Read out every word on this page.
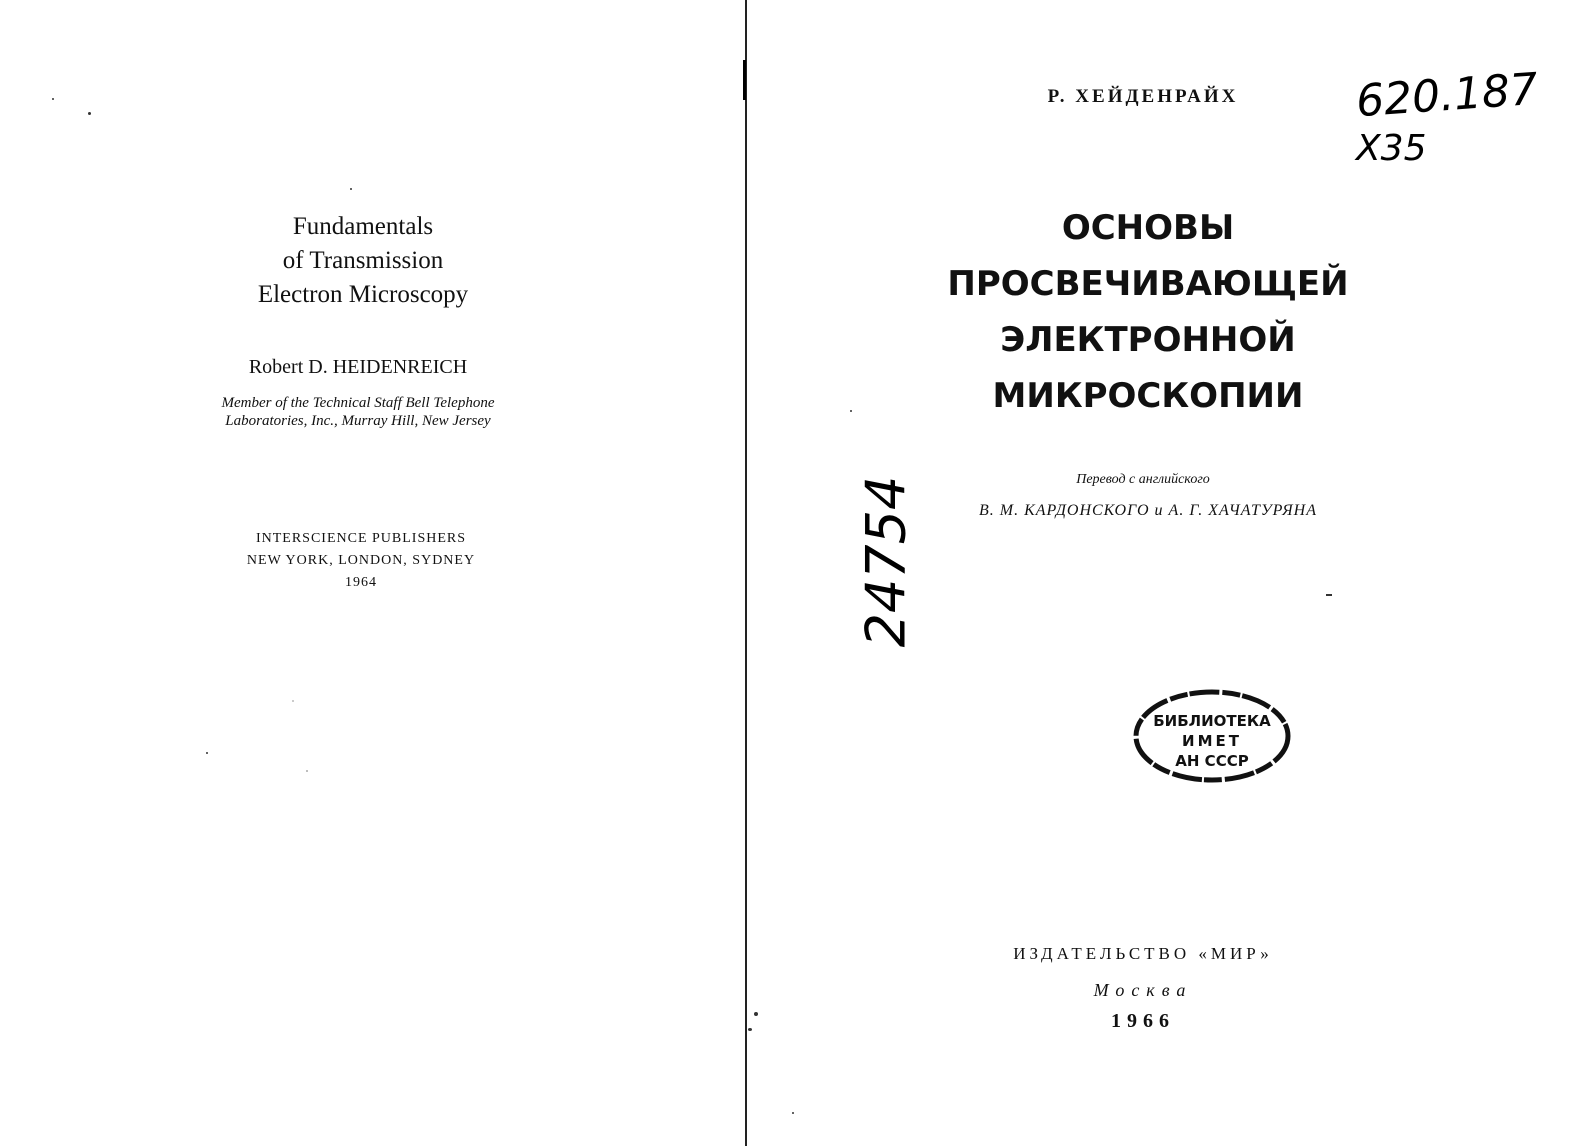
Fundamentals
of Transmission
Electron Microscopy
Robert D. HEIDENREICH
Member of the Technical Staff Bell Telephone
Laboratories, Inc., Murray Hill, New Jersey
INTERSCIENCE PUBLISHERS
NEW YORK, LONDON, SYDNEY
1964
Р. ХЕЙДЕНРАЙХ
ОСНОВЫ
ПРОСВЕЧИВАЮЩЕЙ
ЭЛЕКТРОННОЙ
МИКРОСКОПИИ
Перевод с английского
В. М. КАРДОНСКОГО и А. Г. ХАЧАТУРЯНА
ИЗДАТЕЛЬСТВО «МИР»
Москва
1966
620.187
X35
24754
БИБЛИОТЕКА
ИМЕТ
АН СССР
